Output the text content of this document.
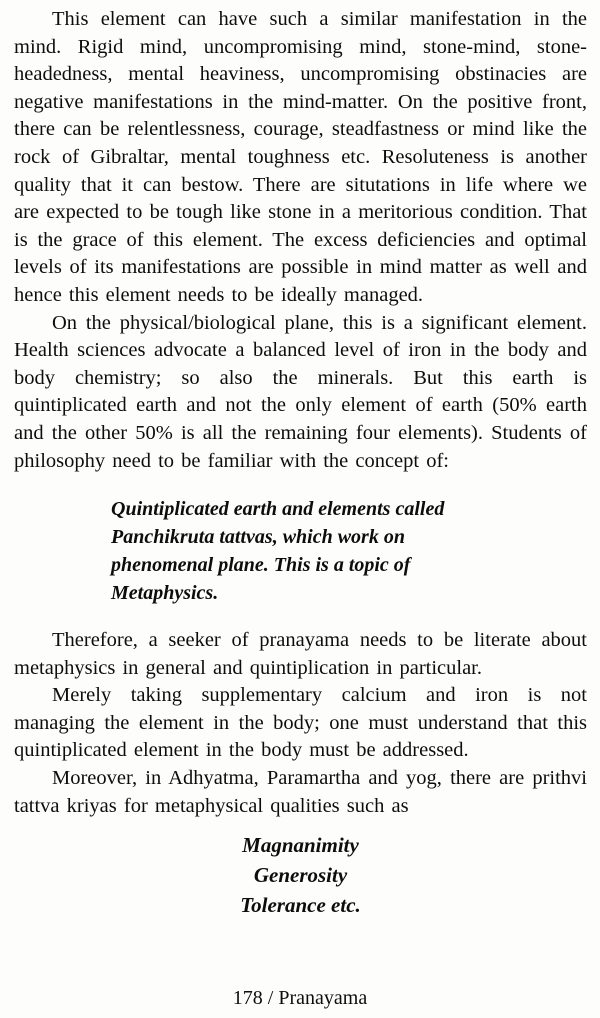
This element can have such a similar manifestation in the mind. Rigid mind, uncompromising mind, stone-mind, stone-headedness, mental heaviness, uncompromising obstinacies are negative manifestations in the mind-matter. On the positive front, there can be relentlessness, courage, steadfastness or mind like the rock of Gibraltar, mental toughness etc. Resoluteness is another quality that it can bestow. There are situtations in life where we are expected to be tough like stone in a meritorious condition. That is the grace of this element. The excess deficiencies and optimal levels of its manifestations are possible in mind matter as well and hence this element needs to be ideally managed.

On the physical/biological plane, this is a significant element. Health sciences advocate a balanced level of iron in the body and body chemistry; so also the minerals. But this earth is quintiplicated earth and not the only element of earth (50% earth and the other 50% is all the remaining four elements). Students of philosophy need to be familiar with the concept of:

Quintiplicated earth and elements called
Panchikruta tattvas, which work on
phenomenal plane. This is a topic of
Metaphysics.

Therefore, a seeker of pranayama needs to be literate about metaphysics in general and quintiplication in particular.

Merely taking supplementary calcium and iron is not managing the element in the body; one must understand that this quintiplicated element in the body must be addressed.

Moreover, in Adhyatma, Paramartha and yog, there are prithvi tattva kriyas for metaphysical qualities such as

Magnanimity
Generosity
Tolerance etc.
178 / Pranayama
